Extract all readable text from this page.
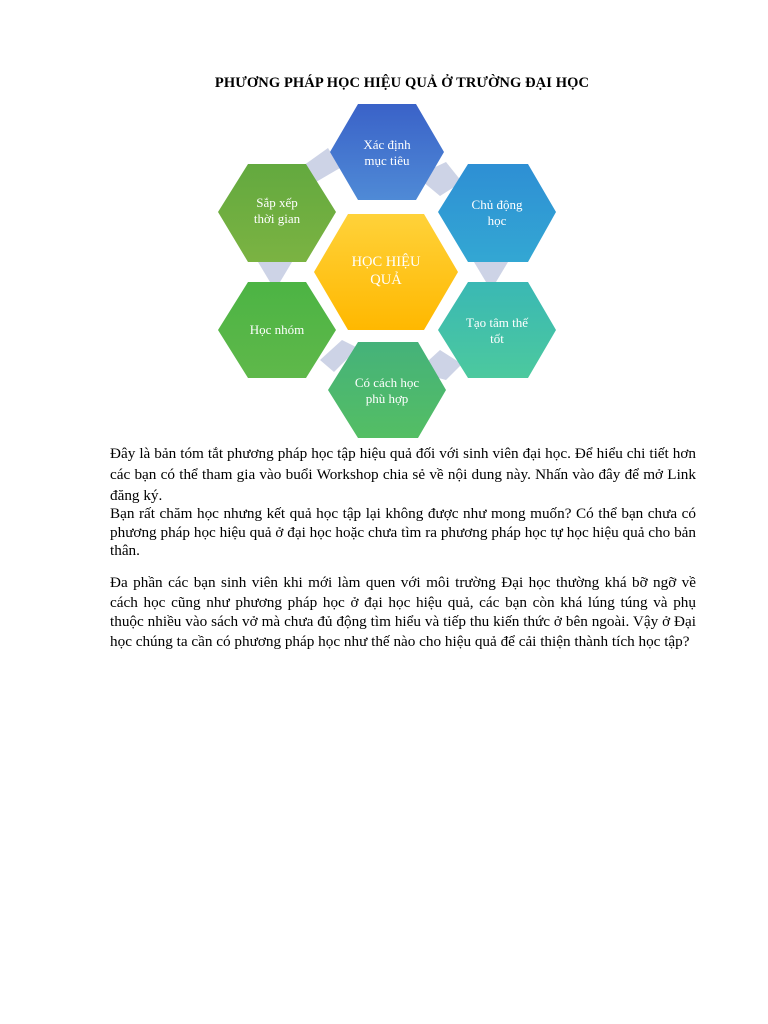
PHƯƠNG PHÁP HỌC HIỆU QUẢ Ở TRƯỜNG ĐẠI HỌC
Xác định
mục tiêu
Chủ động
học
Tạo tâm thế
tốt
Có cách học
phù hợp
Học nhóm
Sắp xếp
thời gian
HỌC HIỆU
QUẢ
Đây là bản tóm tắt phương pháp học tập hiệu quả đối với sinh viên đại học. Để hiểu chi tiết hơn các bạn có thể tham gia vào buổi Workshop chia sẻ về nội dung này. Nhấn vào đây để mở Link đăng ký.
Bạn rất chăm học nhưng kết quả học tập lại không được như mong muốn? Có thể bạn chưa có phương pháp học hiệu quả ở đại học hoặc chưa tìm ra phương pháp học tự học hiệu quả cho bản thân.
Đa phần các bạn sinh viên khi mới làm quen với môi trường Đại học thường khá bỡ ngỡ về cách học cũng như phương pháp học ở đại học hiệu quả, các bạn còn khá lúng túng và phụ thuộc nhiều vào sách vở mà chưa đủ động tìm hiểu và tiếp thu kiến thức ở bên ngoài. Vậy ở Đại học chúng ta cần có phương pháp học như thế nào cho hiệu quả để cải thiện thành tích học tập?
